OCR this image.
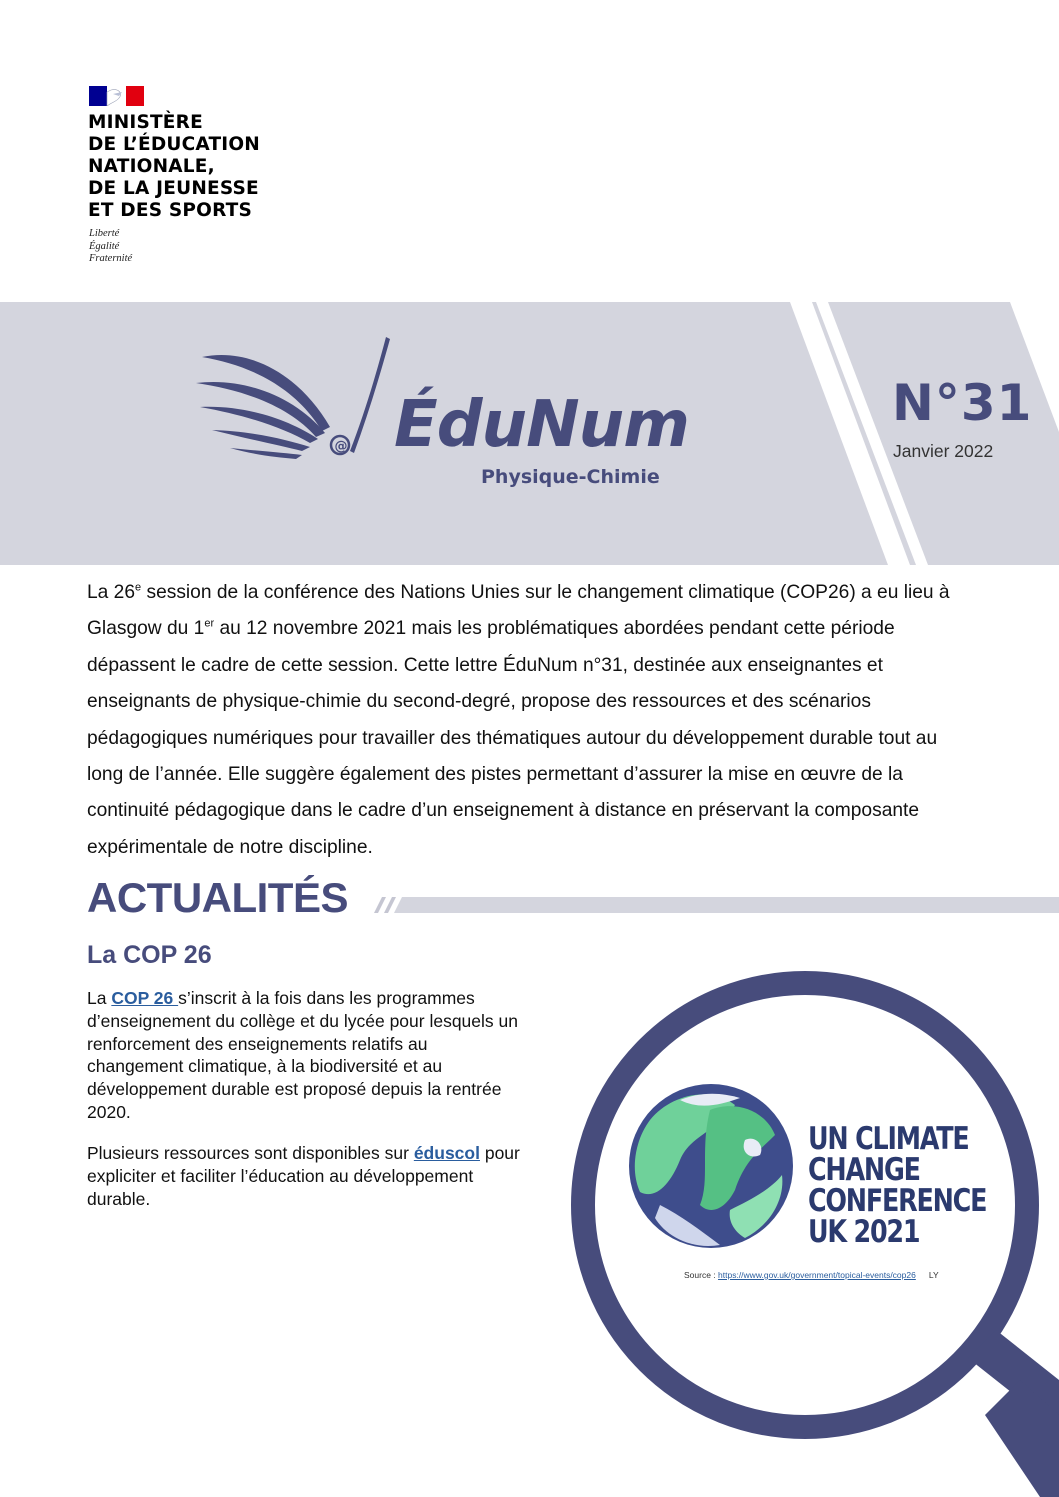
MINISTÈRE
DE L’ÉDUCATION
NATIONALE,
DE LA JEUNESSE
ET DES SPORTS
Liberté
Égalité
Fraternité
@ ÉduNum
Physique-Chimie
N°31
Janvier 2022
La 26e session de la conférence des Nations Unies sur le changement climatique (COP26) a eu lieu à Glasgow du 1er au 12 novembre 2021 mais les problématiques abordées pendant cette période dépassent le cadre de cette session. Cette lettre ÉduNum n°31, destinée aux enseignantes et enseignants de physique-chimie du second-degré, propose des ressources et des scénarios pédagogiques numériques pour travailler des thématiques autour du développement durable tout au long de l’année. Elle suggère également des pistes permettant d’assurer la mise en œuvre de la continuité pédagogique dans le cadre d’un enseignement à distance en préservant la composante expérimentale de notre discipline.
ACTUALITÉS
La COP 26
La COP 26 s’inscrit à la fois dans les programmes d’enseignement du collège et du lycée pour lesquels un renforcement des enseignements relatifs au changement climatique, à la biodiversité et au développement durable est proposé depuis la rentrée 2020.
Plusieurs ressources sont disponibles sur éduscol pour expliciter et faciliter l’éducation au développement durable.
UN CLIMATE
CHANGE
CONFERENCE
UK 2021
Source : https://www.gov.uk/government/topical-events/cop26 LY
